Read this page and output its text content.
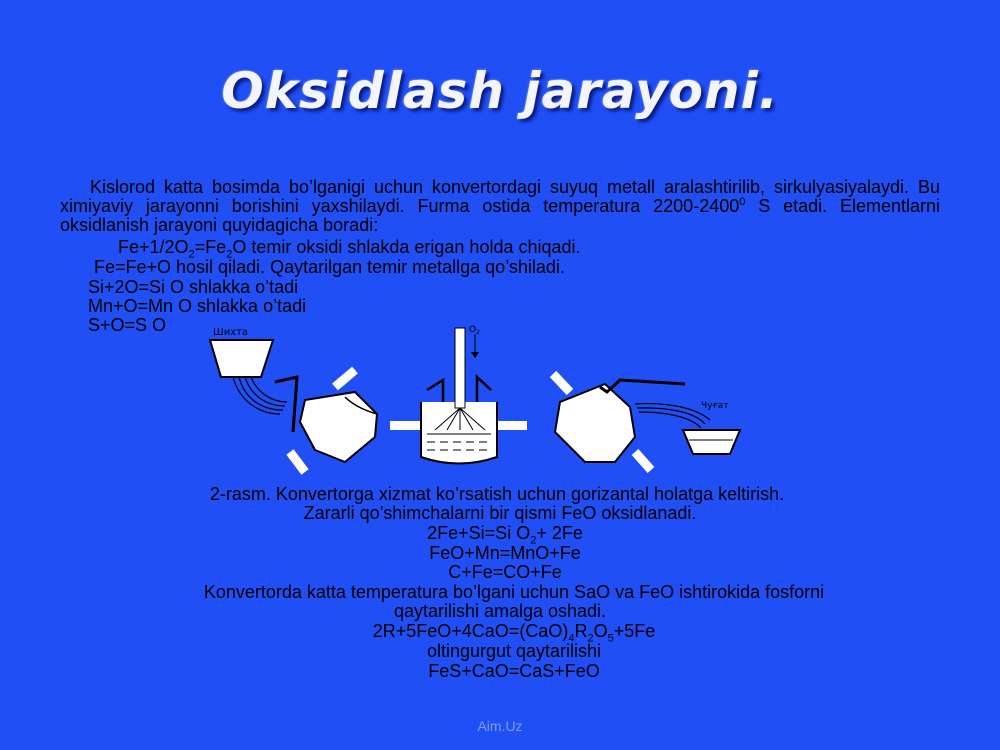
Oksidlash jarayoni.
Kislorod katta bosimda bo’lganigi uchun konvertordagi suyuq metall aralashtirilib, sirkulyasiyalaydi. Bu ximiyaviy jarayonni borishini yaxshilaydi. Furma ostida temperatura 2200-2400$^0$ S etadi. Elementlarni oksidlanish jarayoni quyidagicha boradi:
$Fe+1/2O_2=Fe_2O$ temir oksidi shlakda erigan holda chiqadi.
Fe=Fe+O hosil qiladi. Qaytarilgan temir metallga qo’shiladi.
Si+2O=Si O shlakka o’tadi
Mn+O=Mn O shlakka o’tadi
S+O=S O	Шихта	$O_2$
Чуғат
2-rasm. Konvertorga xizmat ko’rsatish uchun gorizantal holatga keltirish.
Zararli qo’shimchalarni bir qismi FeO oksidlanadi.
2Fe+Si=Si $O_2+ 2Fe$
FeO+Mn=MnO+Fe
C+Fe=CO+Fe
Konvertorda katta temperatura bo’lgani uchun SaO va FeO ishtirokida fosforni
qaytarilishi amalga oshadi.
$2R+5FeO+4CaO=(CaO)_4R_2O_5+5Fe$
oltingurgut qaytarilishi
FeS+CaO=CaS+FeO
Aim.Uz
